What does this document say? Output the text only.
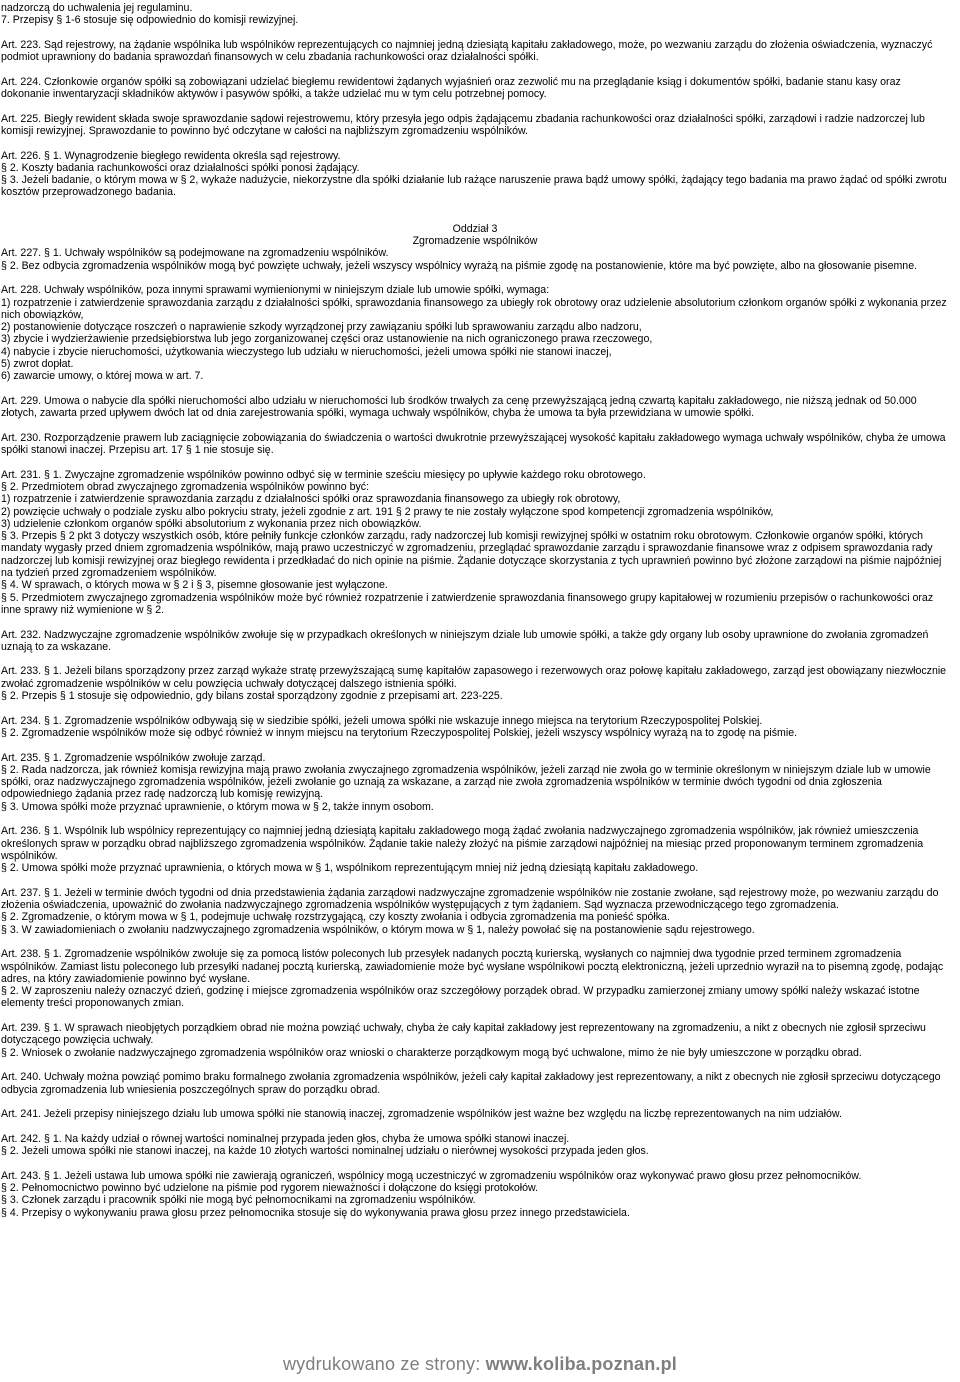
nadzorczą do uchwalenia jej regulaminu.
7. Przepisy § 1-6 stosuje się odpowiednio do komisji rewizyjnej.
Art. 223. Sąd rejestrowy, na żądanie wspólnika lub wspólników reprezentujących co najmniej jedną dziesiątą kapitału zakładowego, może, po wezwaniu zarządu do złożenia oświadczenia, wyznaczyć podmiot uprawniony do badania sprawozdań finansowych w celu zbadania rachunkowości oraz działalności spółki.
Art. 224. Członkowie organów spółki są zobowiązani udzielać biegłemu rewidentowi żądanych wyjaśnień oraz zezwolić mu na przeglądanie ksiąg i dokumentów spółki, badanie stanu kasy oraz dokonanie inwentaryzacji składników aktywów i pasywów spółki, a także udzielać mu w tym celu potrzebnej pomocy.
Art. 225. Biegły rewident składa swoje sprawozdanie sądowi rejestrowemu, który przesyła jego odpis żądającemu zbadania rachunkowości oraz działalności spółki, zarządowi i radzie nadzorczej lub komisji rewizyjnej. Sprawozdanie to powinno być odczytane w całości na najbliższym zgromadzeniu wspólników.
Art. 226. § 1. Wynagrodzenie biegłego rewidenta określa sąd rejestrowy.
§ 2. Koszty badania rachunkowości oraz działalności spółki ponosi żądający.
§ 3. Jeżeli badanie, o którym mowa w § 2, wykaże nadużycie, niekorzystne dla spółki działanie lub rażące naruszenie prawa bądź umowy spółki, żądający tego badania ma prawo żądać od spółki zwrotu kosztów przeprowadzonego badania.
Oddział 3
Zgromadzenie wspólników
Art. 227. § 1. Uchwały wspólników są podejmowane na zgromadzeniu wspólników.
§ 2. Bez odbycia zgromadzenia wspólników mogą być powzięte uchwały, jeżeli wszyscy wspólnicy wyrażą na piśmie zgodę na postanowienie, które ma być powzięte, albo na głosowanie pisemne.
Art. 228. Uchwały wspólników, poza innymi sprawami wymienionymi w niniejszym dziale lub umowie spółki, wymaga:
1) rozpatrzenie i zatwierdzenie sprawozdania zarządu z działalności spółki, sprawozdania finansowego za ubiegły rok obrotowy oraz udzielenie absolutorium członkom organów spółki z wykonania przez nich obowiązków,
2) postanowienie dotyczące roszczeń o naprawienie szkody wyrządzonej przy zawiązaniu spółki lub sprawowaniu zarządu albo nadzoru,
3) zbycie i wydzierżawienie przedsiębiorstwa lub jego zorganizowanej części oraz ustanowienie na nich ograniczonego prawa rzeczowego,
4) nabycie i zbycie nieruchomości, użytkowania wieczystego lub udziału w nieruchomości, jeżeli umowa spółki nie stanowi inaczej,
5) zwrot dopłat.
6) zawarcie umowy, o której mowa w art. 7.
Art. 229. Umowa o nabycie dla spółki nieruchomości albo udziału w nieruchomości lub środków trwałych za cenę przewyższającą jedną czwartą kapitału zakładowego, nie niższą jednak od 50.000 złotych, zawarta przed upływem dwóch lat od dnia zarejestrowania spółki, wymaga uchwały wspólników, chyba że umowa ta była przewidziana w umowie spółki.
Art. 230. Rozporządzenie prawem lub zaciągnięcie zobowiązania do świadczenia o wartości dwukrotnie przewyższającej wysokość kapitału zakładowego wymaga uchwały wspólników, chyba że umowa spółki stanowi inaczej. Przepisu art. 17 § 1 nie stosuje się.
Art. 231. § 1. Zwyczajne zgromadzenie wspólników powinno odbyć się w terminie sześciu miesięcy po upływie każdego roku obrotowego.
§ 2. Przedmiotem obrad zwyczajnego zgromadzenia wspólników powinno być:
1) rozpatrzenie i zatwierdzenie sprawozdania zarządu z działalności spółki oraz sprawozdania finansowego za ubiegły rok obrotowy,
2) powzięcie uchwały o podziale zysku albo pokryciu straty, jeżeli zgodnie z art. 191 § 2 prawy te nie zostały wyłączone spod kompetencji zgromadzenia wspólników,
3) udzielenie członkom organów spółki absolutorium z wykonania przez nich obowiązków.
§ 3. Przepis § 2 pkt 3 dotyczy wszystkich osób, które pełniły funkcje członków zarządu, rady nadzorczej lub komisji rewizyjnej spółki w ostatnim roku obrotowym. Członkowie organów spółki, których mandaty wygasły przed dniem zgromadzenia wspólników, mają prawo uczestniczyć w zgromadzeniu, przeglądać sprawozdanie zarządu i sprawozdanie finansowe wraz z odpisem sprawozdania rady nadzorczej lub komisji rewizyjnej oraz biegłego rewidenta i przedkładać do nich opinie na piśmie. Żądanie dotyczące skorzystania z tych uprawnień powinno być złożone zarządowi na piśmie najpóźniej na tydzień przed zgromadzeniem wspólników.
§ 4. W sprawach, o których mowa w § 2 i § 3, pisemne głosowanie jest wyłączone.
§ 5. Przedmiotem zwyczajnego zgromadzenia wspólników może być również rozpatrzenie i zatwierdzenie sprawozdania finansowego grupy kapitałowej w rozumieniu przepisów o rachunkowości oraz inne sprawy niż wymienione w § 2.
Art. 232. Nadzwyczajne zgromadzenie wspólników zwołuje się w przypadkach określonych w niniejszym dziale lub umowie spółki, a także gdy organy lub osoby uprawnione do zwołania zgromadzeń uznają to za wskazane.
Art. 233. § 1. Jeżeli bilans sporządzony przez zarząd wykaże stratę przewyższającą sumę kapitałów zapasowego i rezerwowych oraz połowę kapitału zakładowego, zarząd jest obowiązany niezwłocznie zwołać zgromadzenie wspólników w celu powzięcia uchwały dotyczącej dalszego istnienia spółki.
§ 2. Przepis § 1 stosuje się odpowiednio, gdy bilans został sporządzony zgodnie z przepisami art. 223-225.
Art. 234. § 1. Zgromadzenie wspólników odbywają się w siedzibie spółki, jeżeli umowa spółki nie wskazuje innego miejsca na terytorium Rzeczypospolitej Polskiej.
§ 2. Zgromadzenie wspólników może się odbyć również w innym miejscu na terytorium Rzeczypospolitej Polskiej, jeżeli wszyscy wspólnicy wyrażą na to zgodę na piśmie.
Art. 235. § 1. Zgromadzenie wspólników zwołuje zarząd.
§ 2. Rada nadzorcza, jak również komisja rewizyjna mają prawo zwołania zwyczajnego zgromadzenia wspólników, jeżeli zarząd nie zwoła go w terminie określonym w niniejszym dziale lub w umowie spółki, oraz nadzwyczajnego zgromadzenia wspólników, jeżeli zwołanie go uznają za wskazane, a zarząd nie zwoła zgromadzenia wspólników w terminie dwóch tygodni od dnia zgłoszenia odpowiedniego żądania przez radę nadzorczą lub komisję rewizyjną.
§ 3. Umowa spółki może przyznać uprawnienie, o którym mowa w § 2, także innym osobom.
Art. 236. § 1. Wspólnik lub wspólnicy reprezentujący co najmniej jedną dziesiątą kapitału zakładowego mogą żądać zwołania nadzwyczajnego zgromadzenia wspólników, jak również umieszczenia określonych spraw w porządku obrad najbliższego zgromadzenia wspólników. Żądanie takie należy złożyć na piśmie zarządowi najpóźniej na miesiąc przed proponowanym terminem zgromadzenia wspólników.
§ 2. Umowa spółki może przyznać uprawnienia, o których mowa w § 1, wspólnikom reprezentującym mniej niż jedną dziesiątą kapitału zakładowego.
Art. 237. § 1. Jeżeli w terminie dwóch tygodni od dnia przedstawienia żądania zarządowi nadzwyczajne zgromadzenie wspólników nie zostanie zwołane, sąd rejestrowy może, po wezwaniu zarządu do złożenia oświadczenia, upoważnić do zwołania nadzwyczajnego zgromadzenia wspólników występujących z tym żądaniem. Sąd wyznacza przewodniczącego tego zgromadzenia.
§ 2. Zgromadzenie, o którym mowa w § 1, podejmuje uchwałę rozstrzygającą, czy koszty zwołania i odbycia zgromadzenia ma ponieść spółka.
§ 3. W zawiadomieniach o zwołaniu nadzwyczajnego zgromadzenia wspólników, o którym mowa w § 1, należy powołać się na postanowienie sądu rejestrowego.
Art. 238. § 1. Zgromadzenie wspólników zwołuje się za pomocą listów poleconych lub przesyłek nadanych pocztą kurierską, wysłanych co najmniej dwa tygodnie przed terminem zgromadzenia wspólników. Zamiast listu poleconego lub przesyłki nadanej pocztą kurierską, zawiadomienie może być wysłane wspólnikowi pocztą elektroniczną, jeżeli uprzednio wyraził na to pisemną zgodę, podając adres, na który zawiadomienie powinno być wysłane.
§ 2. W zaproszeniu należy oznaczyć dzień, godzinę i miejsce zgromadzenia wspólników oraz szczegółowy porządek obrad. W przypadku zamierzonej zmiany umowy spółki należy wskazać istotne elementy treści proponowanych zmian.
Art. 239. § 1. W sprawach nieobjętych porządkiem obrad nie można powziąć uchwały, chyba że cały kapitał zakładowy jest reprezentowany na zgromadzeniu, a nikt z obecnych nie zgłosił sprzeciwu dotyczącego powzięcia uchwały.
§ 2. Wniosek o zwołanie nadzwyczajnego zgromadzenia wspólników oraz wnioski o charakterze porządkowym mogą być uchwalone, mimo że nie były umieszczone w porządku obrad.
Art. 240. Uchwały można powziąć pomimo braku formalnego zwołania zgromadzenia wspólników, jeżeli cały kapitał zakładowy jest reprezentowany, a nikt z obecnych nie zgłosił sprzeciwu dotyczącego odbycia zgromadzenia lub wniesienia poszczególnych spraw do porządku obrad.
Art. 241. Jeżeli przepisy niniejszego działu lub umowa spółki nie stanowią inaczej, zgromadzenie wspólników jest ważne bez względu na liczbę reprezentowanych na nim udziałów.
Art. 242. § 1. Na każdy udział o równej wartości nominalnej przypada jeden głos, chyba że umowa spółki stanowi inaczej.
§ 2. Jeżeli umowa spółki nie stanowi inaczej, na każde 10 złotych wartości nominalnej udziału o nierównej wysokości przypada jeden głos.
Art. 243. § 1. Jeżeli ustawa lub umowa spółki nie zawierają ograniczeń, wspólnicy mogą uczestniczyć w zgromadzeniu wspólników oraz wykonywać prawo głosu przez pełnomocników.
§ 2. Pełnomocnictwo powinno być udzielone na piśmie pod rygorem nieważności i dołączone do księgi protokołów.
§ 3. Członek zarządu i pracownik spółki nie mogą być pełnomocnikami na zgromadzeniu wspólników.
§ 4. Przepisy o wykonywaniu prawa głosu przez pełnomocnika stosuje się do wykonywania prawa głosu przez innego przedstawiciela.
wydrukowano ze strony: www.koliba.poznan.pl
